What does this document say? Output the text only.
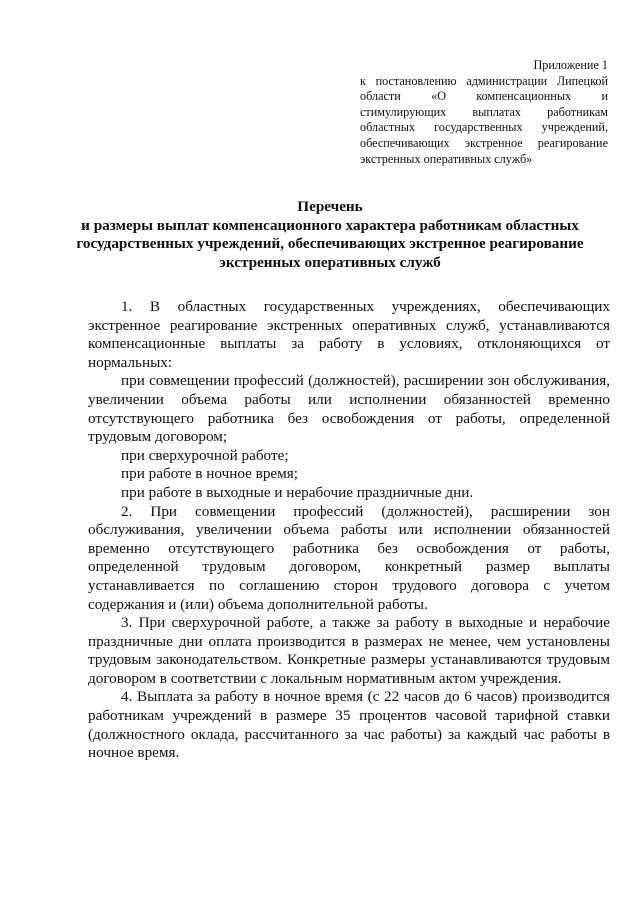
Приложение 1
к постановлению администрации Липецкой области «О компенсационных и стимулирующих выплатах работникам областных государственных учреждений, обеспечивающих экстренное реагирование экстренных оперативных служб»
Перечень
и размеры выплат компенсационного характера работникам областных государственных учреждений, обеспечивающих экстренное реагирование экстренных оперативных служб

1. В областных государственных учреждениях, обеспечивающих экстренное реагирование экстренных оперативных служб, устанавливаются компенсационные выплаты за работу в условиях, отклоняющихся от нормальных:

при совмещении профессий (должностей), расширении зон обслуживания, увеличении объема работы или исполнении обязанностей временно отсутствующего работника без освобождения от работы, определенной трудовым договором;

при сверхурочной работе;

при работе в ночное время;

при работе в выходные и нерабочие праздничные дни.

2. При совмещении профессий (должностей), расширении зон обслуживания, увеличении объема работы или исполнении обязанностей временно отсутствующего работника без освобождения от работы, определенной трудовым договором, конкретный размер выплаты устанавливается по соглашению сторон трудового договора с учетом содержания и (или) объема дополнительной работы.

3. При сверхурочной работе, а также за работу в выходные и нерабочие праздничные дни оплата производится в размерах не менее, чем установлены трудовым законодательством. Конкретные размеры устанавливаются трудовым договором в соответствии с локальным нормативным актом учреждения.

4. Выплата за работу в ночное время (с 22 часов до 6 часов) производится работникам учреждений в размере 35 процентов часовой тарифной ставки (должностного оклада, рассчитанного за час работы) за каждый час работы в ночное время.
